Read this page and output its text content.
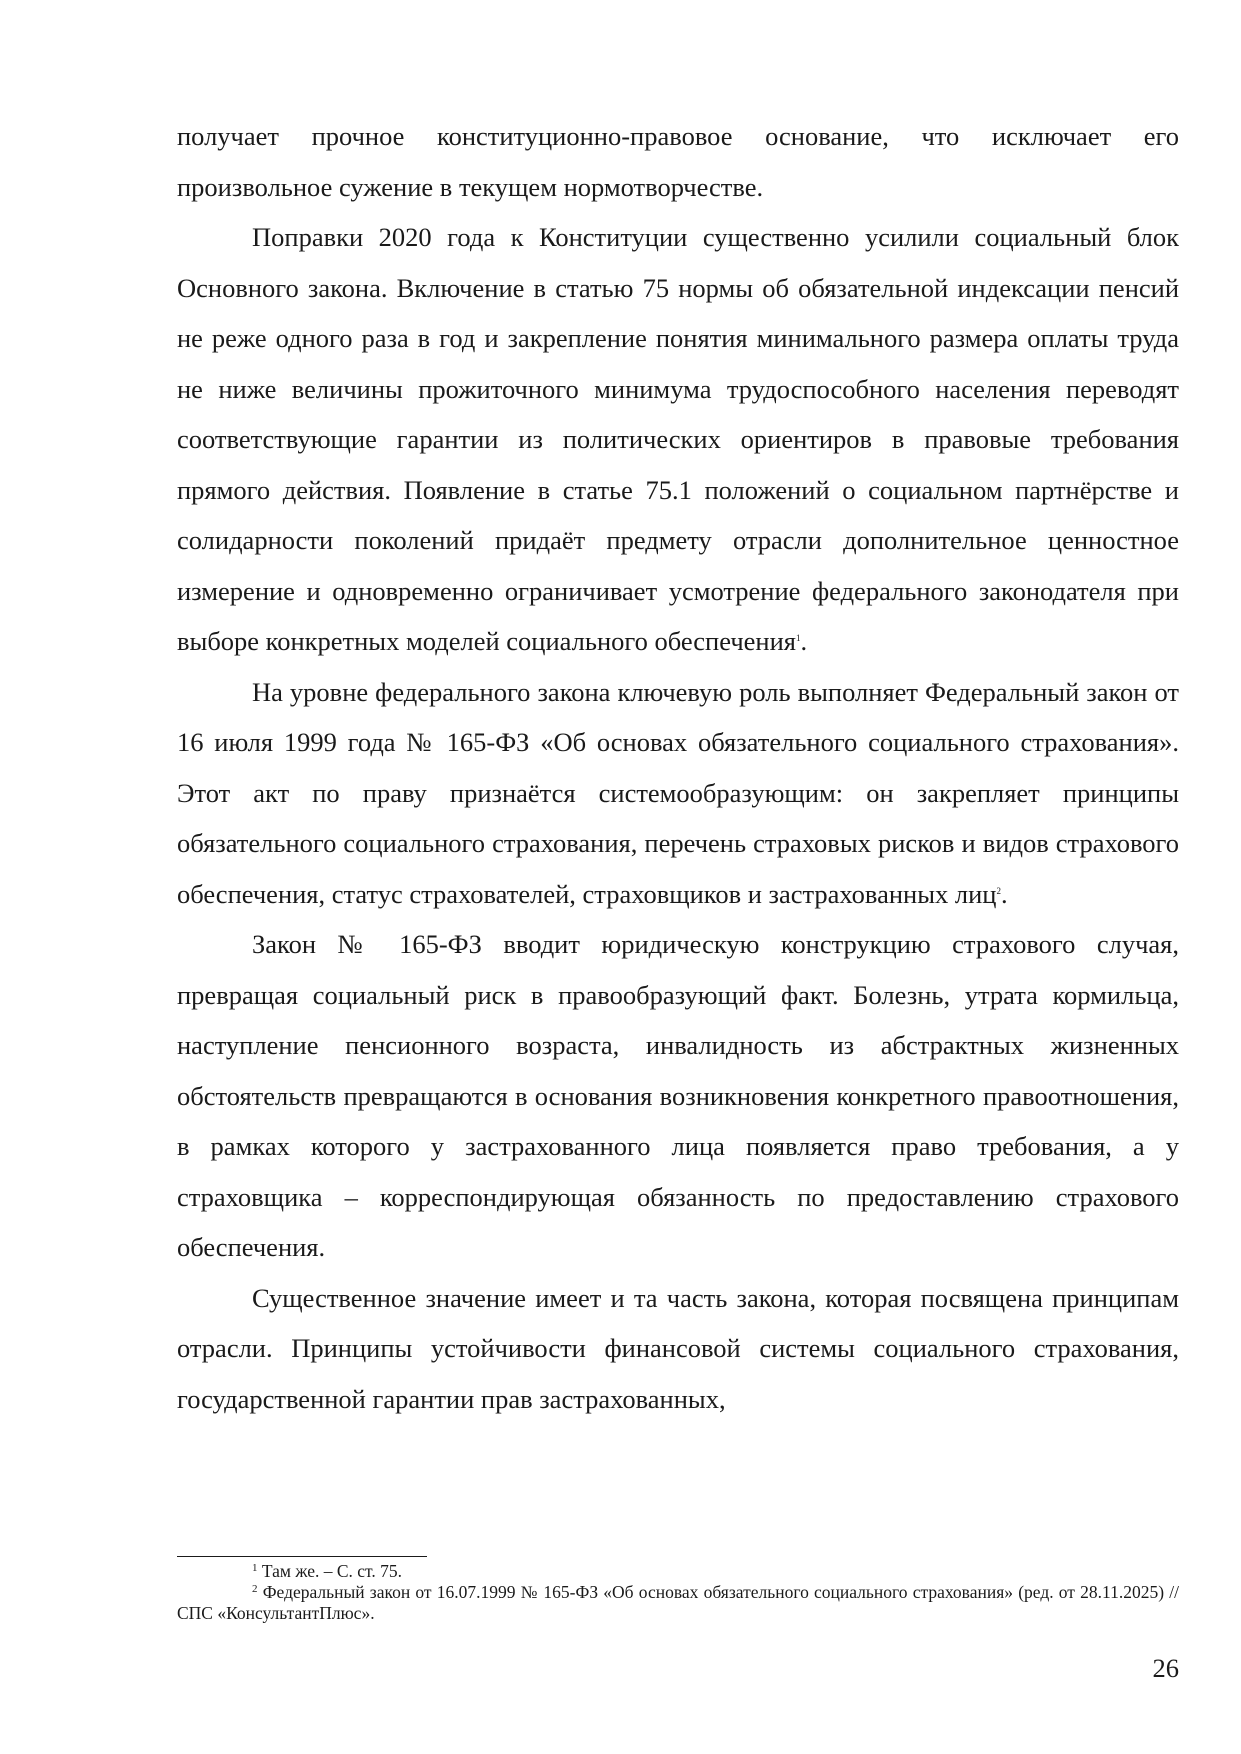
получает прочное конституционно-правовое основание, что исключает его произвольное сужение в текущем нормотворчестве.

Поправки 2020 года к Конституции существенно усилили социальный блок Основного закона. Включение в статью 75 нормы об обязательной индексации пенсий не реже одного раза в год и закрепление понятия минимального размера оплаты труда не ниже величины прожиточного минимума трудоспособного населения переводят соответствующие гарантии из политических ориентиров в правовые требования прямого действия. Появление в статье 75.1 положений о социальном партнёрстве и солидарности поколений придаёт предмету отрасли дополнительное ценностное измерение и одновременно ограничивает усмотрение федерального законодателя при выборе конкретных моделей социального обеспечения$^1$.

На уровне федерального закона ключевую роль выполняет Федеральный закон от 16 июля 1999 года № 165-ФЗ «Об основах обязательного социального страхования». Этот акт по праву признаётся системообразующим: он закрепляет принципы обязательного социального страхования, перечень страховых рисков и видов страхового обеспечения, статус страхователей, страховщиков и застрахованных лиц$^2$.

Закон № 165-ФЗ вводит юридическую конструкцию страхового случая, превращая социальный риск в правообразующий факт. Болезнь, утрата кормильца, наступление пенсионного возраста, инвалидность из абстрактных жизненных обстоятельств превращаются в основания возникновения конкретного правоотношения, в рамках которого у застрахованного лица появляется право требования, а у страховщика – корреспондирующая обязанность по предоставлению страхового обеспечения.

Существенное значение имеет и та часть закона, которая посвящена принципам отрасли. Принципы устойчивости финансовой системы социального страхования, государственной гарантии прав застрахованных,

$^1$ Там же. – С. ст. 75.

$^2$ Федеральный закон от 16.07.1999 № 165-ФЗ «Об основах обязательного социального страхования» (ред. от 28.11.2025) // СПС «КонсультантПлюс».

26
